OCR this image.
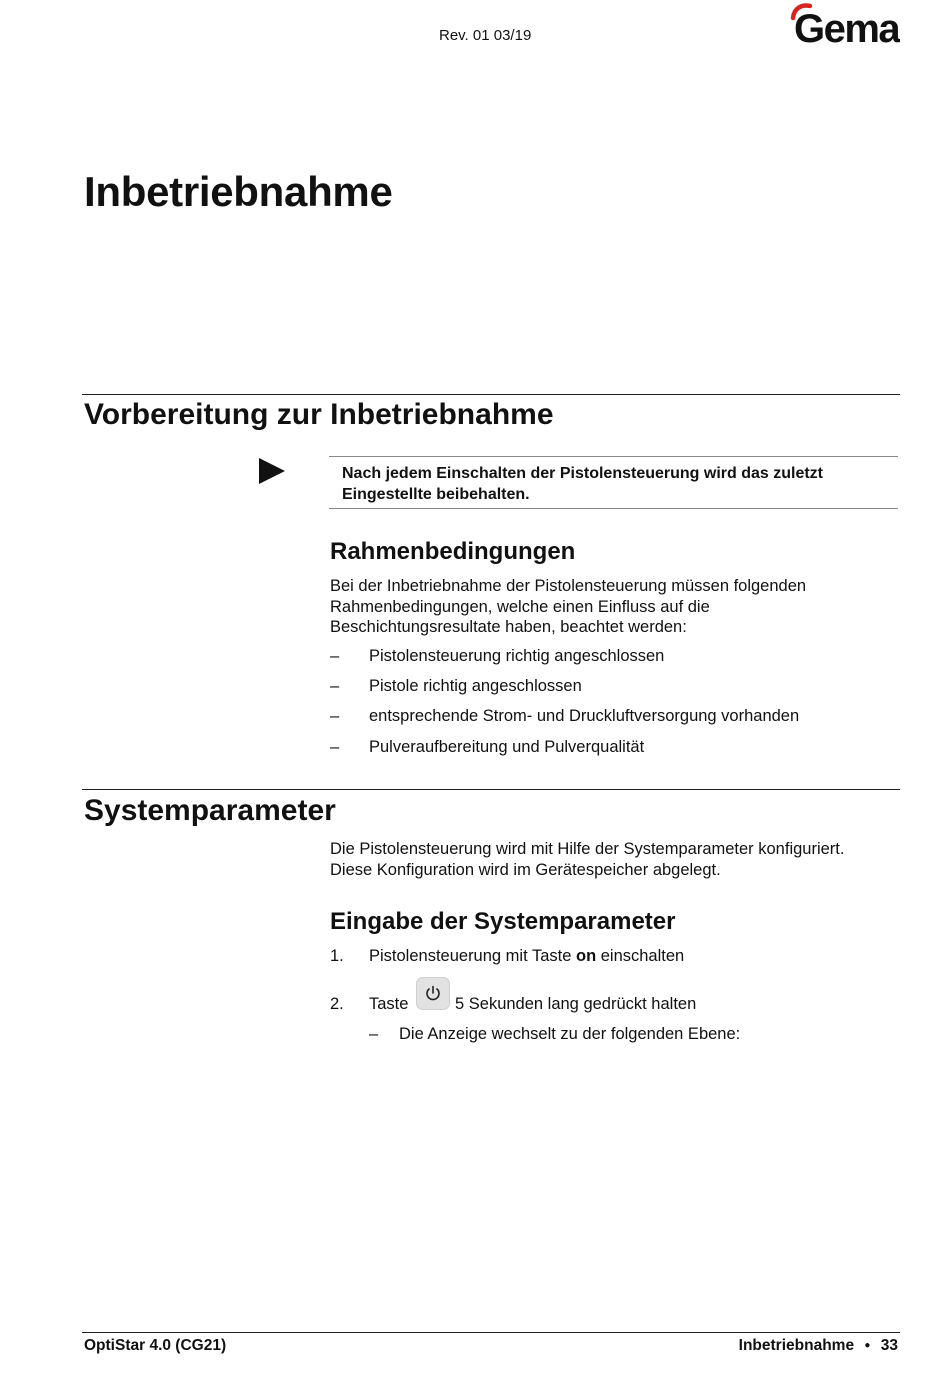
Rev. 01 03/19	Gema
Inbetriebnahme
Vorbereitung zur Inbetriebnahme
Nach jedem Einschalten der Pistolensteuerung wird das zuletzt
Eingestellte beibehalten.
Rahmenbedingungen
Bei der Inbetriebnahme der Pistolensteuerung müssen folgenden
Rahmenbedingungen, welche einen Einfluss auf die
Beschichtungsresultate haben, beachtet werden:
–	Pistolensteuerung richtig angeschlossen
–	Pistole richtig angeschlossen
–	entsprechende Strom- und Druckluftversorgung vorhanden
–	Pulveraufbereitung und Pulverqualität
Systemparameter
Die Pistolensteuerung wird mit Hilfe der Systemparameter konfiguriert.
Diese Konfiguration wird im Gerätespeicher abgelegt.
Eingabe der Systemparameter
1. Pistolensteuerung mit Taste on einschalten
2. Taste	5 Sekunden lang gedrückt halten
–	Die Anzeige wechselt zu der folgenden Ebene:
OptiStar 4.0 (CG21)	Inbetriebnahme ● 33
